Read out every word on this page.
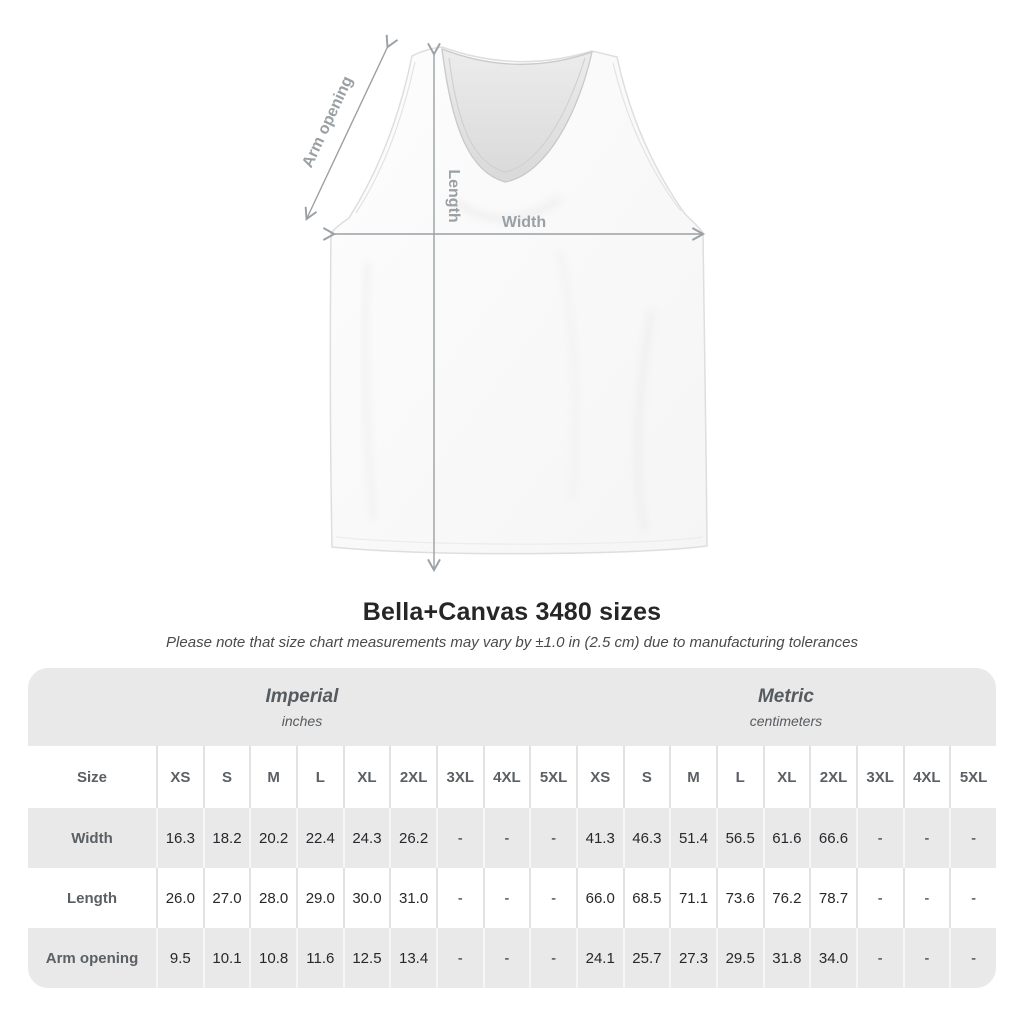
Arm opening
Length Width
Bella+Canvas 3480 sizes

Please note that size chart measurements may vary by ±1.0 in (2.5 cm) due to manufacturing tolerances

Imperial
inches

Metric
centimeters

Size	XS	S	M	L	XL	2XL	3XL	4XL	5XL	XS	S	M	L	XL	2XL	3XL	4XL	5XL
Width	16.3	18.2	20.2	22.4	24.3	26.2	-	-	-	41.3	46.3	51.4	56.5	61.6	66.6	-	-	-
Length	26.0	27.0	28.0	29.0	30.0	31.0	-	-	-	66.0	68.5	71.1	73.6	76.2	78.7	-	-	-
Arm opening	9.5	10.1	10.8	11.6	12.5	13.4	-	-	-	24.1	25.7	27.3	29.5	31.8	34.0	-	-	-
